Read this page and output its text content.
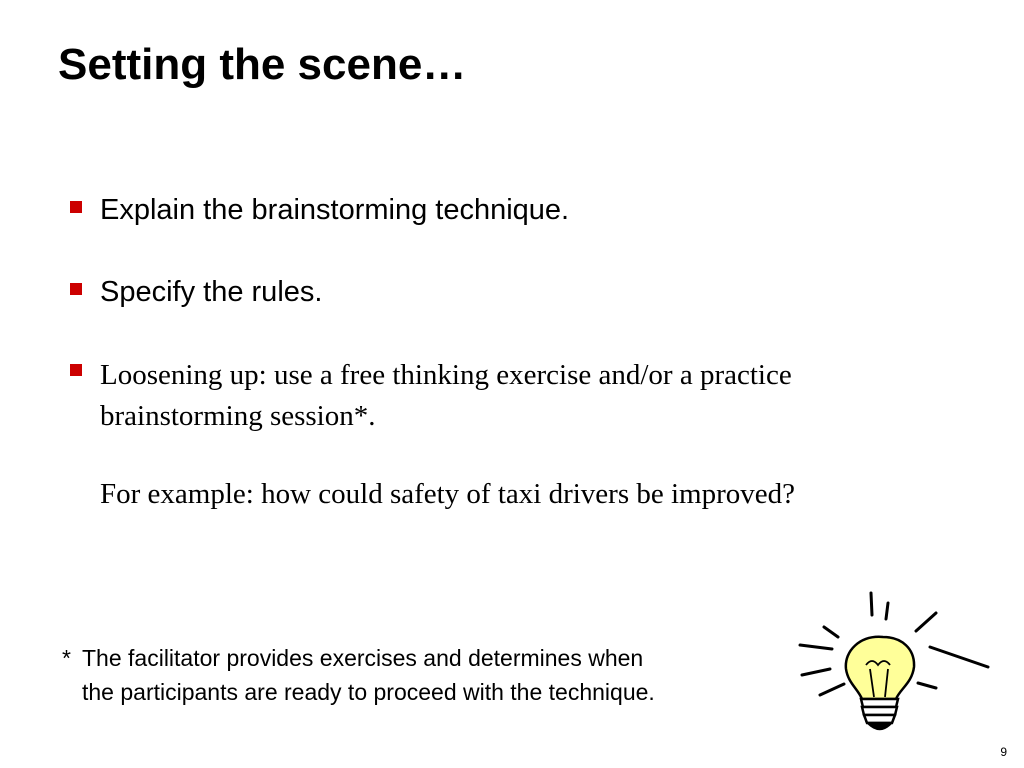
Setting the scene…
Explain the brainstorming technique.
Specify the rules.
Loosening up: use a free thinking exercise and/or a practice brainstorming session*.
For example: how could safety of taxi drivers be improved?
* The facilitator provides exercises and determines when
the participants are ready to proceed with the technique.
9
